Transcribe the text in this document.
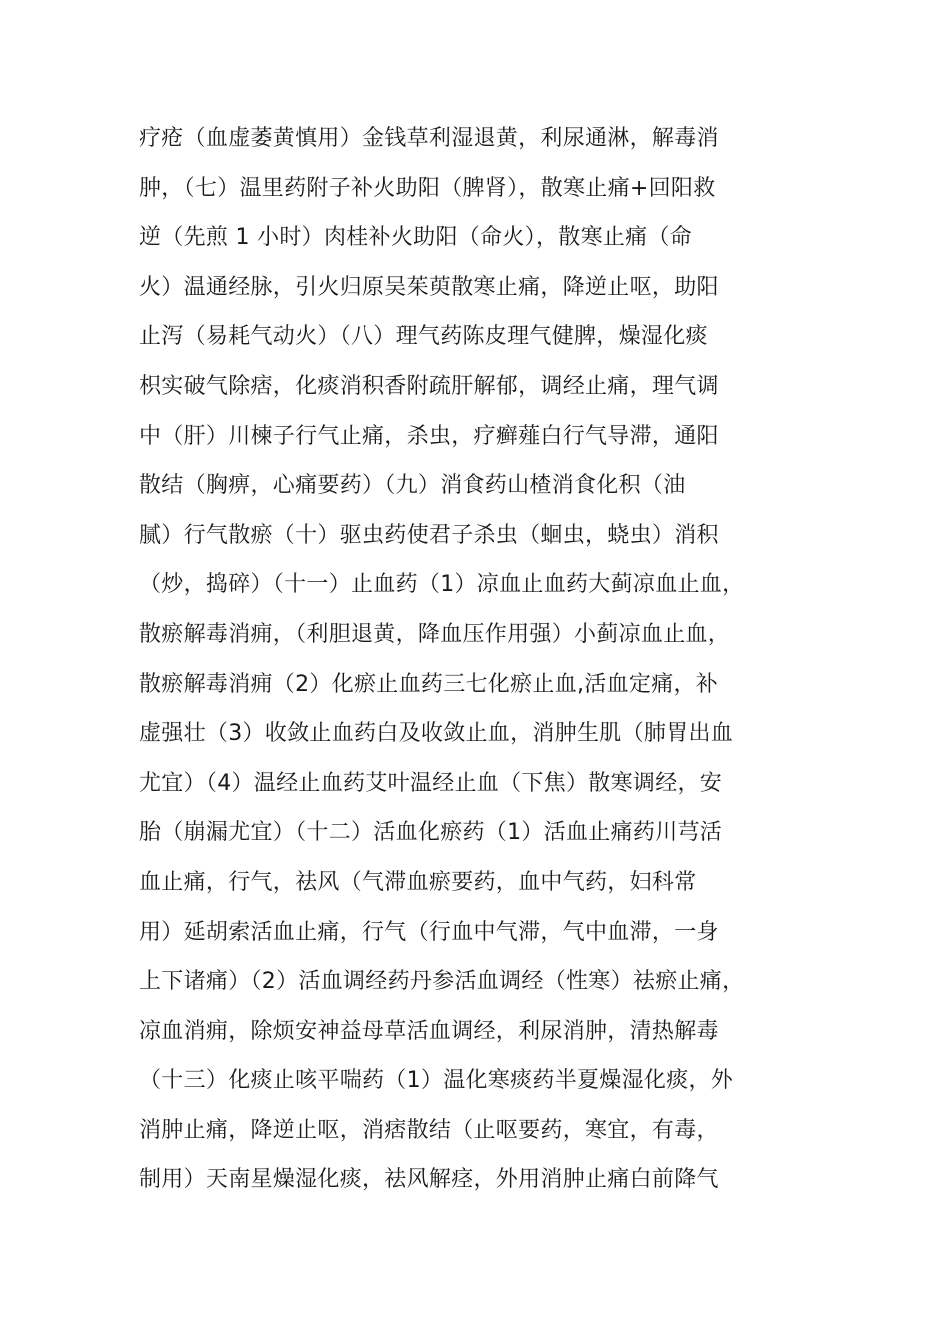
疗疮（血虚萎黄慎用）金钱草利湿退黄，利尿通淋，解毒消
肿，（七）温里药附子补火助阳（脾肾），散寒止痛+回阳救
逆（先煎 1 小时）肉桂补火助阳（命火），散寒止痛（命
火）温通经脉，引火归原吴茱萸散寒止痛，降逆止呕，助阳
止泻（易耗气动火）（八）理气药陈皮理气健脾，燥湿化痰
枳实破气除痞，化痰消积香附疏肝解郁，调经止痛，理气调
中（肝）川楝子行气止痛，杀虫，疗癣薤白行气导滞，通阳
散结（胸痹，心痛要药）（九）消食药山楂消食化积（油
腻）行气散瘀（十）驱虫药使君子杀虫（蛔虫，蛲虫）消积
（炒，捣碎）（十一）止血药（1）凉血止血药大蓟凉血止血，
散瘀解毒消痈，（利胆退黄，降血压作用强）小蓟凉血止血，
散瘀解毒消痈（2）化瘀止血药三七化瘀止血,活血定痛，补
虚强壮（3）收敛止血药白及收敛止血，消肿生肌（肺胃出血
尤宜）（4）温经止血药艾叶温经止血（下焦）散寒调经，安
胎（崩漏尤宜）（十二）活血化瘀药（1）活血止痛药川芎活
血止痛，行气，祛风（气滞血瘀要药，血中气药，妇科常
用）延胡索活血止痛，行气（行血中气滞，气中血滞，一身
上下诸痛）（2）活血调经药丹参活血调经（性寒）祛瘀止痛，
凉血消痈，除烦安神益母草活血调经，利尿消肿，清热解毒
（十三）化痰止咳平喘药（1）温化寒痰药半夏燥湿化痰，外
消肿止痛，降逆止呕，消痞散结（止呕要药，寒宜，有毒，
制用）天南星燥湿化痰，祛风解痉，外用消肿止痛白前降气
